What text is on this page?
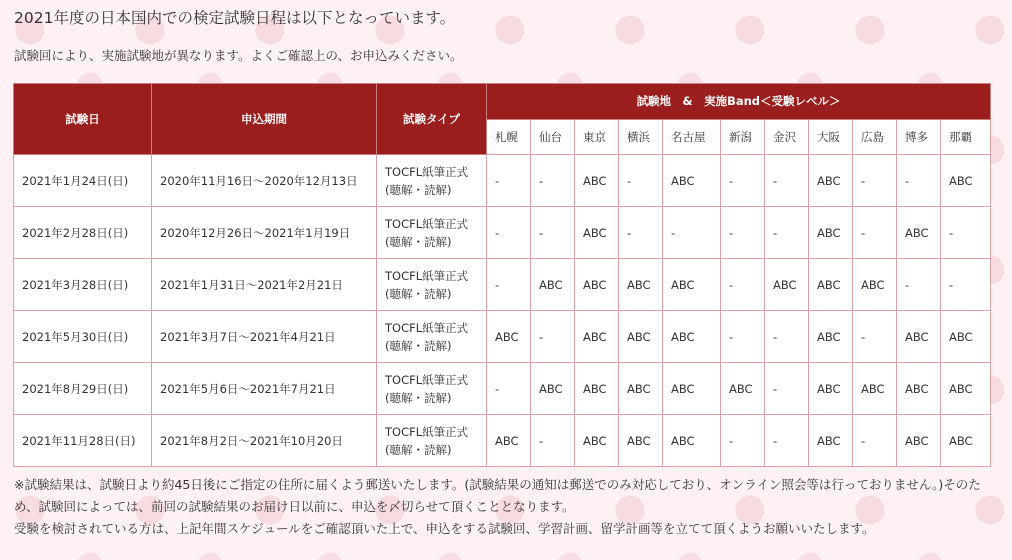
2021年度の日本国内での検定試験日程は以下となっています。
試験回により、実施試験地が異なります。よくご確認上の、お申込みください。
試験日	申込期間	試験タイプ	試験地　&　実施Band＜受験レベル＞										
			札幌	仙台	東京	横浜	名古屋	新潟	金沢	大阪	広島	博多	那覇
2021年1月24日(日)	2020年11月16日～2020年12月13日	TOCFL紙筆正式
(聴解・読解)	-	-	ABC	-	ABC	-	-	ABC	-	-	ABC
2021年2月28日(日)	2020年12月26日～2021年1月19日	TOCFL紙筆正式
(聴解・読解)	-	-	ABC	-	-	-	-	ABC	-	ABC	-
2021年3月28日(日)	2021年1月31日～2021年2月21日	TOCFL紙筆正式
(聴解・読解)	-	ABC	ABC	ABC	ABC	-	ABC	ABC	ABC	-	-
2021年5月30日(日)	2021年3月7日～2021年4月21日	TOCFL紙筆正式
(聴解・読解)	ABC	-	ABC	ABC	ABC	-	-	ABC	-	ABC	ABC
2021年8月29日(日)	2021年5月6日～2021年7月21日	TOCFL紙筆正式
(聴解・読解)	-	ABC	ABC	ABC	ABC	ABC	-	ABC	ABC	ABC	ABC
2021年11月28日(日)	2021年8月2日～2021年10月20日	TOCFL紙筆正式
(聴解・読解)	ABC	-	ABC	ABC	ABC	-	-	ABC	-	ABC	ABC

※試験結果は、試験日より約45日後にご指定の住所に届くよう郵送いたします。(試験結果の通知は郵送でのみ対応しており、オンライン照会等は行っておりません。)そのため、試験回によっては、前回の試験結果のお届け日以前に、申込を〆切らせて頂くこととなります。

受験を検討されている方は、上記年間スケジュールをご確認頂いた上で、申込をする試験回、学習計画、留学計画等を立てて頂くようお願いいたします。
